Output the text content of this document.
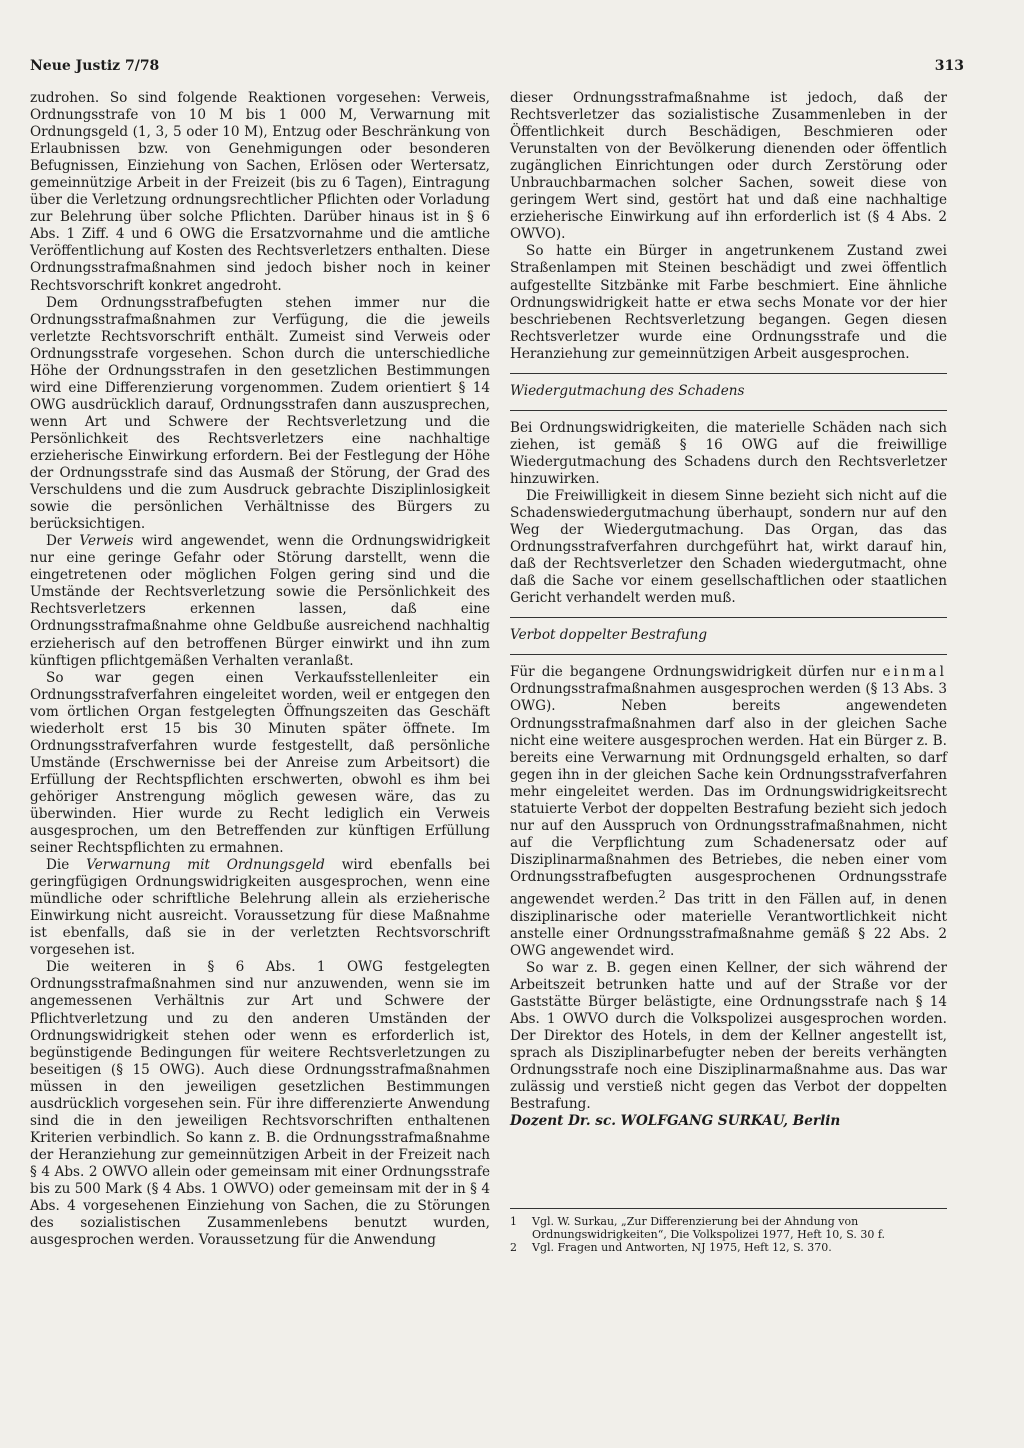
Neue Justiz 7/78	313

zudrohen. So sind folgende Reaktionen vorgesehen: Verweis, Ordnungsstrafe von 10 M bis 1 000 M, Verwarnung mit Ordnungsgeld (1, 3, 5 oder 10 M), Entzug oder Beschränkung von Erlaubnissen bzw. von Genehmigungen oder besonderen Befugnissen, Einziehung von Sachen, Erlösen oder Wertersatz, gemeinnützige Arbeit in der Freizeit (bis zu 6 Tagen), Eintragung über die Verletzung ordnungsrechtlicher Pflichten oder Vorladung zur Belehrung über solche Pflichten. Darüber hinaus ist in § 6 Abs. 1 Ziff. 4 und 6 OWG die Ersatzvornahme und die amtliche Veröffentlichung auf Kosten des Rechtsverletzers enthalten. Diese Ordnungsstrafmaßnahmen sind jedoch bisher noch in keiner Rechtsvorschrift konkret angedroht.

Dem Ordnungsstrafbefugten stehen immer nur die Ordnungsstrafmaßnahmen zur Verfügung, die die jeweils verletzte Rechtsvorschrift enthält. Zumeist sind Verweis oder Ordnungsstrafe vorgesehen. Schon durch die unterschiedliche Höhe der Ordnungsstrafen in den gesetzlichen Bestimmungen wird eine Differenzierung vorgenommen. Zudem orientiert § 14 OWG ausdrücklich darauf, Ordnungsstrafen dann auszusprechen, wenn Art und Schwere der Rechtsverletzung und die Persönlichkeit des Rechtsverletzers eine nachhaltige erzieherische Einwirkung erfordern. Bei der Festlegung der Höhe der Ordnungsstrafe sind das Ausmaß der Störung, der Grad des Verschuldens und die zum Ausdruck gebrachte Disziplinlosigkeit sowie die persönlichen Verhältnisse des Bürgers zu berücksichtigen.

Der Verweis wird angewendet, wenn die Ordnungswidrigkeit nur eine geringe Gefahr oder Störung darstellt, wenn die eingetretenen oder möglichen Folgen gering sind und die Umstände der Rechtsverletzung sowie die Persönlichkeit des Rechtsverletzers erkennen lassen, daß eine Ordnungsstrafmaßnahme ohne Geldbuße ausreichend nachhaltig erzieherisch auf den betroffenen Bürger einwirkt und ihn zum künftigen pflichtgemäßen Verhalten veranlaßt.

So war gegen einen Verkaufsstellenleiter ein Ordnungsstrafverfahren eingeleitet worden, weil er entgegen den vom örtlichen Organ festgelegten Öffnungszeiten das Geschäft wiederholt erst 15 bis 30 Minuten später öffnete. Im Ordnungsstrafverfahren wurde festgestellt, daß persönliche Umstände (Erschwernisse bei der Anreise zum Arbeitsort) die Erfüllung der Rechtspflichten erschwerten, obwohl es ihm bei gehöriger Anstrengung möglich gewesen wäre, das zu überwinden. Hier wurde zu Recht lediglich ein Verweis ausgesprochen, um den Betreffenden zur künftigen Erfüllung seiner Rechtspflichten zu ermahnen.

Die Verwarnung mit Ordnungsgeld wird ebenfalls bei geringfügigen Ordnungswidrigkeiten ausgesprochen, wenn eine mündliche oder schriftliche Belehrung allein als erzieherische Einwirkung nicht ausreicht. Voraussetzung für diese Maßnahme ist ebenfalls, daß sie in der verletzten Rechtsvorschrift vorgesehen ist.

Die weiteren in § 6 Abs. 1 OWG festgelegten Ordnungsstrafmaßnahmen sind nur anzuwenden, wenn sie im angemessenen Verhältnis zur Art und Schwere der Pflichtverletzung und zu den anderen Umständen der Ordnungswidrigkeit stehen oder wenn es erforderlich ist, begünstigende Bedingungen für weitere Rechtsverletzungen zu beseitigen (§ 15 OWG). Auch diese Ordnungsstrafmaßnahmen müssen in den jeweiligen gesetzlichen Bestimmungen ausdrücklich vorgesehen sein. Für ihre differenzierte Anwendung sind die in den jeweiligen Rechtsvorschriften enthaltenen Kriterien verbindlich. So kann z. B. die Ordnungsstrafmaßnahme der Heranziehung zur gemeinnützigen Arbeit in der Freizeit nach § 4 Abs. 2 OWVO allein oder gemeinsam mit einer Ordnungsstrafe bis zu 500 Mark (§ 4 Abs. 1 OWVO) oder gemeinsam mit der in § 4 Abs. 4 vorgesehenen Einziehung von Sachen, die zu Störungen des sozialistischen Zusammenlebens benutzt wurden, ausgesprochen werden. Voraussetzung für die Anwendung

dieser Ordnungsstrafmaßnahme ist jedoch, daß der Rechtsverletzer das sozialistische Zusammenleben in der Öffentlichkeit durch Beschädigen, Beschmieren oder Verunstalten von der Bevölkerung dienenden oder öffentlich zugänglichen Einrichtungen oder durch Zerstörung oder Unbrauchbarmachen solcher Sachen, soweit diese von geringem Wert sind, gestört hat und daß eine nachhaltige erzieherische Einwirkung auf ihn erforderlich ist (§ 4 Abs. 2 OWVO).

So hatte ein Bürger in angetrunkenem Zustand zwei Straßenlampen mit Steinen beschädigt und zwei öffentlich aufgestellte Sitzbänke mit Farbe beschmiert. Eine ähnliche Ordnungswidrigkeit hatte er etwa sechs Monate vor der hier beschriebenen Rechtsverletzung begangen. Gegen diesen Rechtsverletzer wurde eine Ordnungsstrafe und die Heranziehung zur gemeinnützigen Arbeit ausgesprochen.

Wiedergutmachung des Schadens

Bei Ordnungswidrigkeiten, die materielle Schäden nach sich ziehen, ist gemäß § 16 OWG auf die freiwillige Wiedergutmachung des Schadens durch den Rechtsverletzer hinzuwirken.

Die Freiwilligkeit in diesem Sinne bezieht sich nicht auf die Schadenswiedergutmachung überhaupt, sondern nur auf den Weg der Wiedergutmachung. Das Organ, das das Ordnungsstrafverfahren durchgeführt hat, wirkt darauf hin, daß der Rechtsverletzer den Schaden wiedergutmacht, ohne daß die Sache vor einem gesellschaftlichen oder staatlichen Gericht verhandelt werden muß.

Verbot doppelter Bestrafung

Für die begangene Ordnungswidrigkeit dürfen nur einmal Ordnungsstrafmaßnahmen ausgesprochen werden (§ 13 Abs. 3 OWG). Neben bereits angewendeten Ordnungsstrafmaßnahmen darf also in der gleichen Sache nicht eine weitere ausgesprochen werden. Hat ein Bürger z. B. bereits eine Verwarnung mit Ordnungsgeld erhalten, so darf gegen ihn in der gleichen Sache kein Ordnungsstrafverfahren mehr eingeleitet werden. Das im Ordnungswidrigkeitsrecht statuierte Verbot der doppelten Bestrafung bezieht sich jedoch nur auf den Ausspruch von Ordnungsstrafmaßnahmen, nicht auf die Verpflichtung zum Schadenersatz oder auf Disziplinarmaßnahmen des Betriebes, die neben einer vom Ordnungsstrafbefugten ausgesprochenen Ordnungsstrafe angewendet werden.$^2$ Das tritt in den Fällen auf, in denen disziplinarische oder materielle Verantwortlichkeit nicht anstelle einer Ordnungsstrafmaßnahme gemäß § 22 Abs. 2 OWG angewendet wird.

So war z. B. gegen einen Kellner, der sich während der Arbeitszeit betrunken hatte und auf der Straße vor der Gaststätte Bürger belästigte, eine Ordnungsstrafe nach § 14 Abs. 1 OWVO durch die Volkspolizei ausgesprochen worden. Der Direktor des Hotels, in dem der Kellner angestellt ist, sprach als Disziplinarbefugter neben der bereits verhängten Ordnungsstrafe noch eine Disziplinarmaßnahme aus. Das war zulässig und verstieß nicht gegen das Verbot der doppelten Bestrafung.

Dozent Dr. sc. WOLFGANG SURKAU, Berlin

1	Vgl. W. Surkau, „Zur Differenzierung bei der Ahndung von Ordnungswidrigkeiten“, Die Volkspolizei 1977, Heft 10, S. 30 f.
2	Vgl. Fragen und Antworten, NJ 1975, Heft 12, S. 370.
